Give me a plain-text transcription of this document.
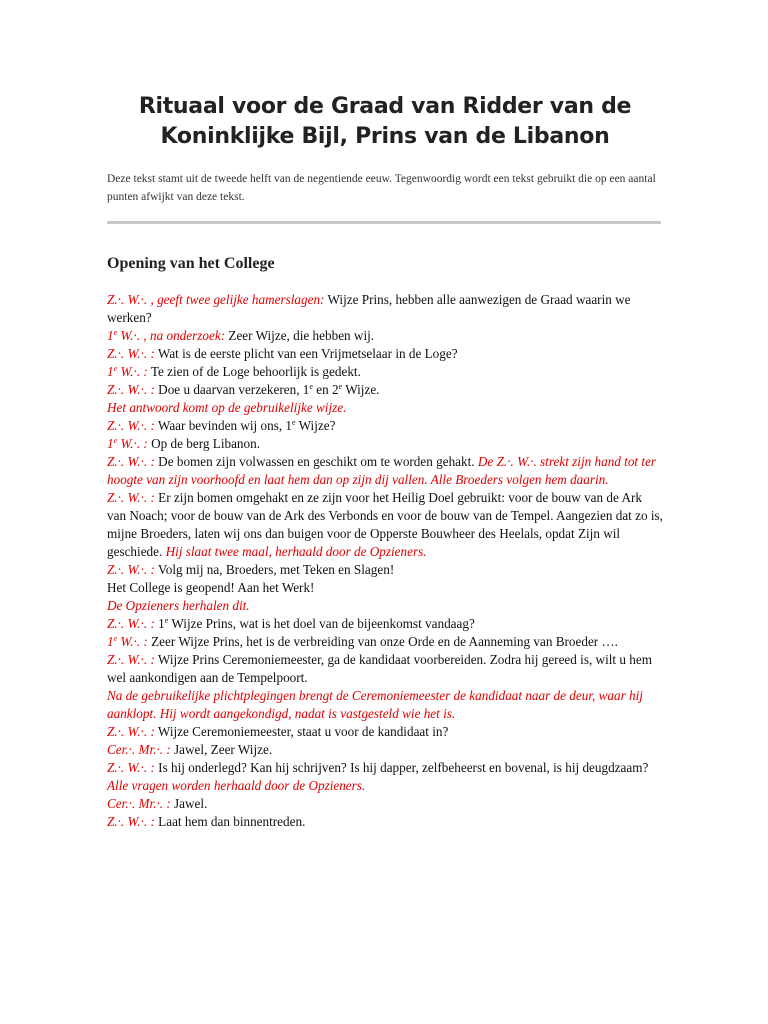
Rituaal voor de Graad van Ridder van de
Koninklijke Bijl, Prins van de Libanon

Deze tekst stamt uit de tweede helft van de negentiende eeuw. Tegenwoordig wordt een tekst gebruikt die op een aantal punten afwijkt van deze tekst.

Opening van het College

Z.·. W.·. , geeft twee gelijke hamerslagen: Wijze Prins, hebben alle aanwezigen de Graad waarin we werken?

1e W.·. , na onderzoek: Zeer Wijze, die hebben wij.

Z.·. W.·. : Wat is de eerste plicht van een Vrijmetselaar in de Loge?

1e W.·. : Te zien of de Loge behoorlijk is gedekt.

Z.·. W.·. : Doe u daarvan verzekeren, 1e en 2e Wijze.

Het antwoord komt op de gebruikelijke wijze.

Z.·. W.·. : Waar bevinden wij ons, 1e Wijze?

1e W.·. : Op de berg Libanon.

Z.·. W.·. : De bomen zijn volwassen en geschikt om te worden gehakt. De Z.·. W.·. strekt zijn hand tot ter hoogte van zijn voorhoofd en laat hem dan op zijn dij vallen. Alle Broeders volgen hem daarin.

Z.·. W.·. : Er zijn bomen omgehakt en ze zijn voor het Heilig Doel gebruikt: voor de bouw van de Ark van Noach; voor de bouw van de Ark des Verbonds en voor de bouw van de Tempel. Aangezien dat zo is, mijne Broeders, laten wij ons dan buigen voor de Opperste Bouwheer des Heelals, opdat Zijn wil geschiede. Hij slaat twee maal, herhaald door de Opzieners.

Z.·. W.·. : Volg mij na, Broeders, met Teken en Slagen!

Het College is geopend! Aan het Werk!

De Opzieners herhalen dit.

Z.·. W.·. : 1e Wijze Prins, wat is het doel van de bijeenkomst vandaag?

1e W.·. : Zeer Wijze Prins, het is de verbreiding van onze Orde en de Aanneming van Broeder ….

Z.·. W.·. : Wijze Prins Ceremoniemeester, ga de kandidaat voorbereiden. Zodra hij gereed is, wilt u hem wel aankondigen aan de Tempelpoort.

Na de gebruikelijke plichtplegingen brengt de Ceremoniemeester de kandidaat naar de deur, waar hij aanklopt. Hij wordt aangekondigd, nadat is vastgesteld wie het is.

Z.·. W.·. : Wijze Ceremoniemeester, staat u voor de kandidaat in?

Cer.·. Mr.·. : Jawel, Zeer Wijze.

Z.·. W.·. : Is hij onderlegd? Kan hij schrijven? Is hij dapper, zelfbeheerst en bovenal, is hij deugdzaam?

Alle vragen worden herhaald door de Opzieners.

Cer.·. Mr.·. : Jawel.

Z.·. W.·. : Laat hem dan binnentreden.
